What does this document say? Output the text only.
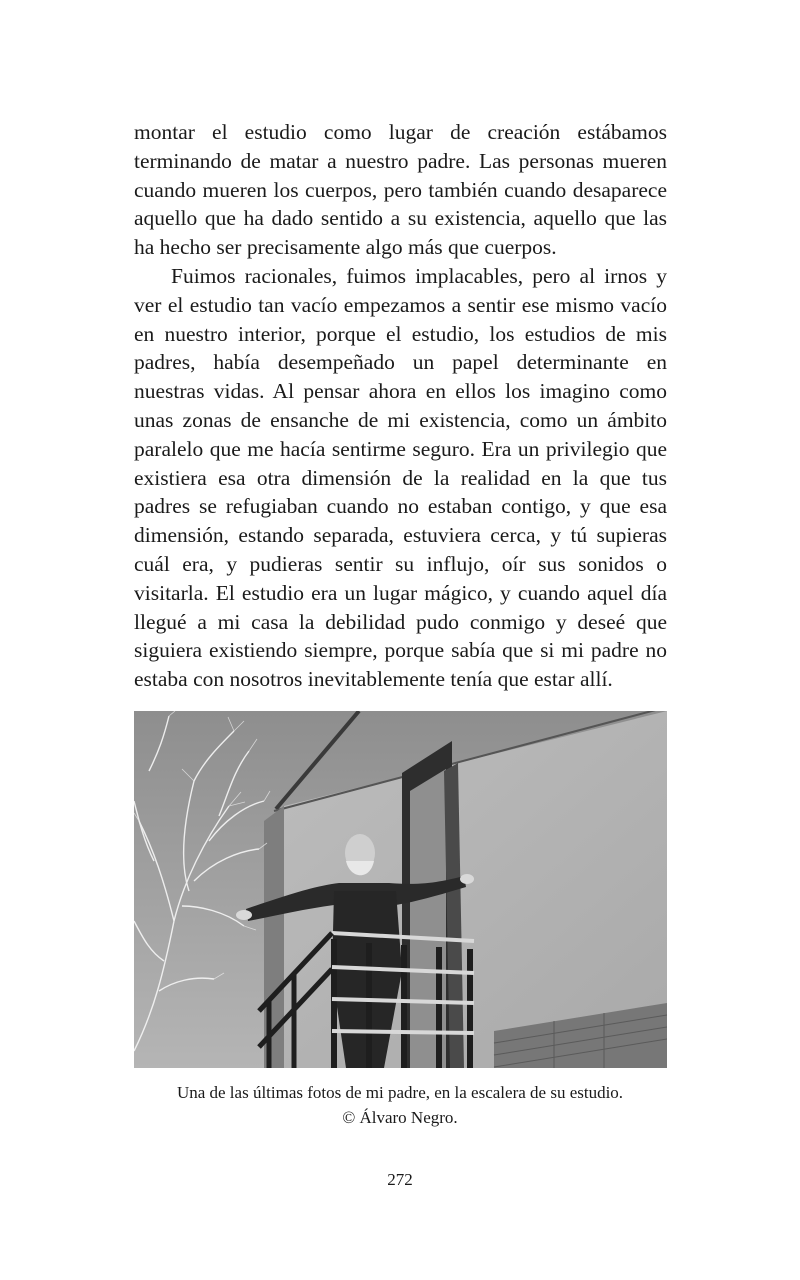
montar el estudio como lugar de creación estábamos terminando de matar a nuestro padre. Las personas mueren cuando mueren los cuerpos, pero también cuando desaparece aquello que ha dado sentido a su existencia, aquello que las ha hecho ser precisamente algo más que cuerpos.

Fuimos racionales, fuimos implacables, pero al irnos y ver el estudio tan vacío empezamos a sentir ese mismo vacío en nuestro interior, porque el estudio, los estudios de mis padres, había desempeñado un papel determinante en nuestras vidas. Al pensar ahora en ellos los imagino como unas zonas de ensanche de mi existencia, como un ámbito paralelo que me hacía sentirme seguro. Era un privilegio que existiera esa otra dimensión de la realidad en la que tus padres se refugiaban cuando no estaban contigo, y que esa dimensión, estando separada, estuviera cerca, y tú supieras cuál era, y pudieras sentir su influjo, oír sus sonidos o visitarla. El estudio era un lugar mágico, y cuando aquel día llegué a mi casa la debilidad pudo conmigo y deseé que siguiera existiendo siempre, porque sabía que si mi padre no estaba con nosotros inevitablemente tenía que estar allí.

Una de las últimas fotos de mi padre, en la escalera de su estudio.
© Álvaro Negro.
272
